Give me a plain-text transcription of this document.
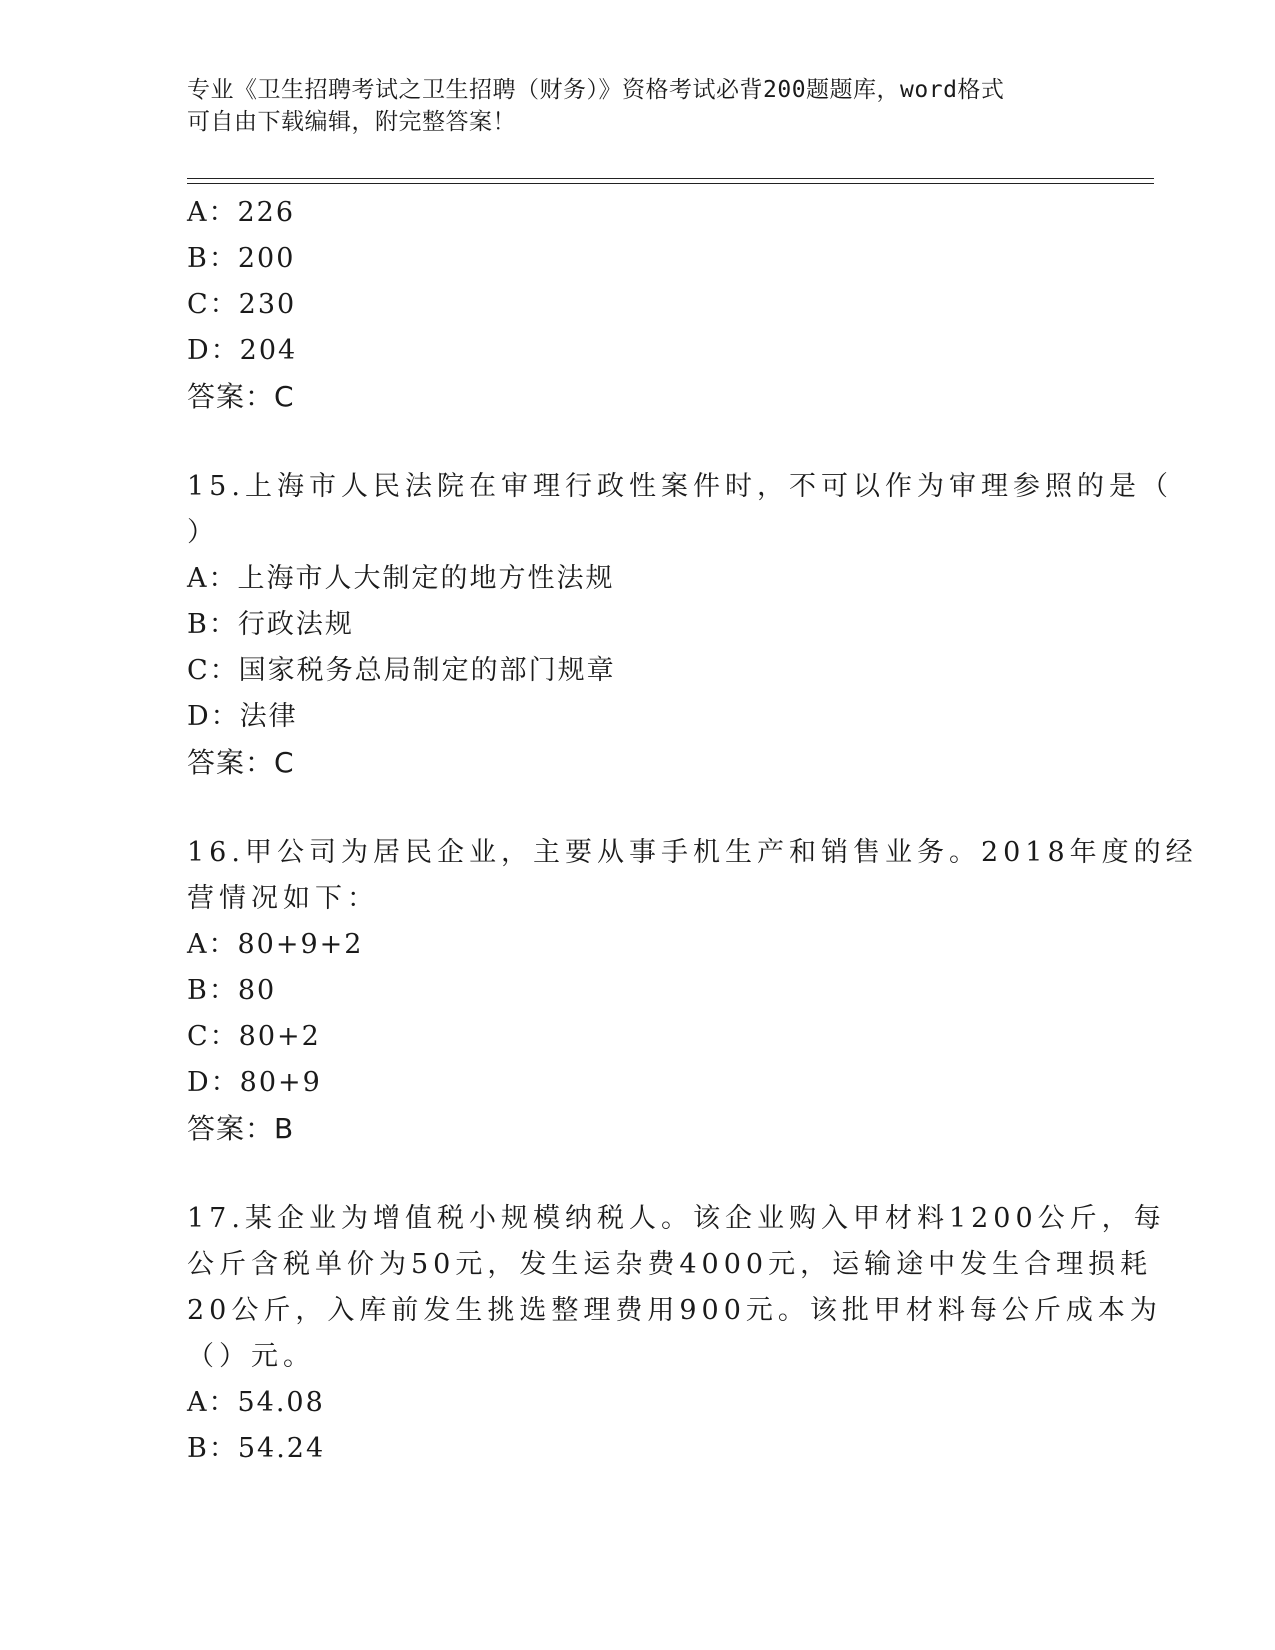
专业《卫生招聘考试之卫生招聘（财务）》资格考试必背200题题库，word格式
可自由下载编辑，附完整答案！
A：226
B：200
C：230
D：204
答案：C
15.上海市人民法院在审理行政性案件时，不可以作为审理参照的是（
）
A：上海市人大制定的地方性法规
B：行政法规
C：国家税务总局制定的部门规章
D：法律
答案：C
16.甲公司为居民企业，主要从事手机生产和销售业务。2018年度的经
营情况如下：
A：80+9+2
B：80
C：80+2
D：80+9
答案：B
17.某企业为增值税小规模纳税人。该企业购入甲材料1200公斤，每
公斤含税单价为50元，发生运杂费4000元，运输途中发生合理损耗
20公斤，入库前发生挑选整理费用900元。该批甲材料每公斤成本为
（）元。
A：54.08
B：54.24
